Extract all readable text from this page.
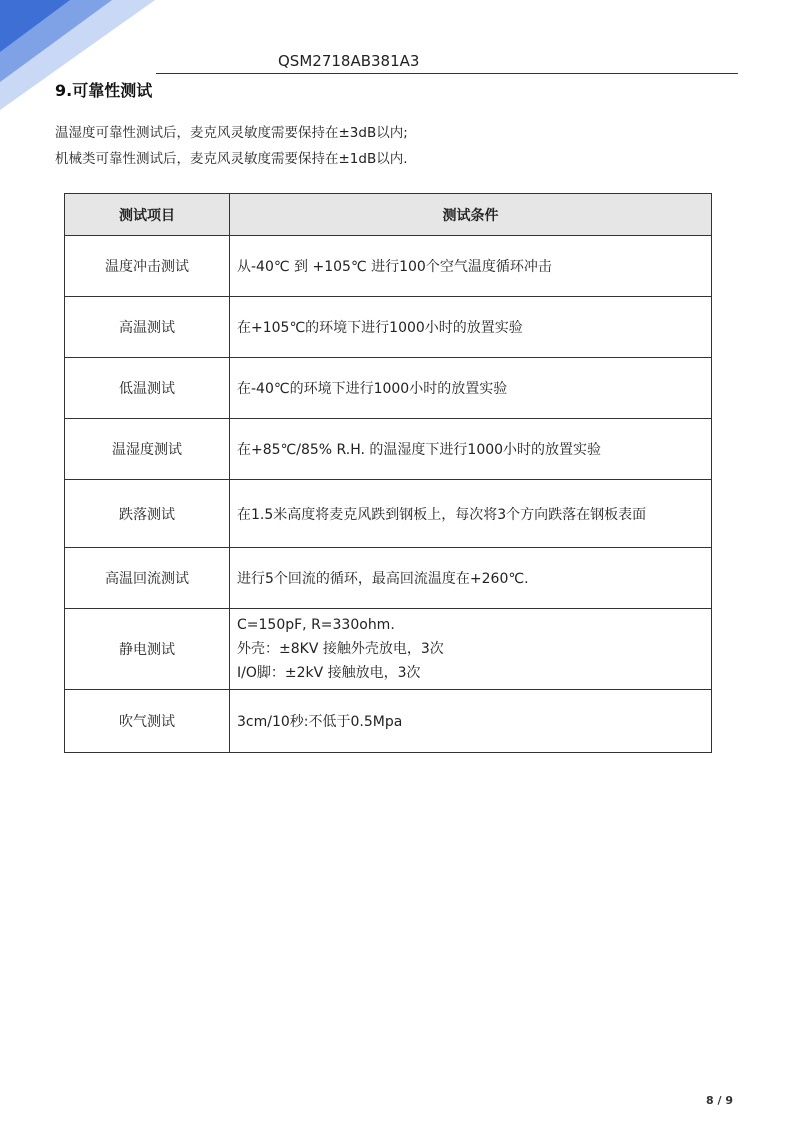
QSM2718AB381A3
9.可靠性测试
温湿度可靠性测试后，麦克风灵敏度需要保持在±3dB以内;
机械类可靠性测试后，麦克风灵敏度需要保持在±1dB以内.
测试项目	测试条件
温度冲击测试	从-40℃ 到 +105℃ 进行100个空气温度循环冲击
高温测试	在+105℃的环境下进行1000小时的放置实验
低温测试	在-40℃的环境下进行1000小时的放置实验
温湿度测试	在+85℃/85% R.H. 的温湿度下进行1000小时的放置实验
跌落测试	在1.5米高度将麦克风跌到钢板上，每次将3个方向跌落在钢板表面
高温回流测试	进行5个回流的循环，最高回流温度在+260℃.
静电测试	C=150pF, R=330ohm.
外壳：±8KV 接触外壳放电，3次
I/O脚：±2kV 接触放电，3次

吹气测试	3cm/10秒:不低于0.5Mpa
8 / 9
